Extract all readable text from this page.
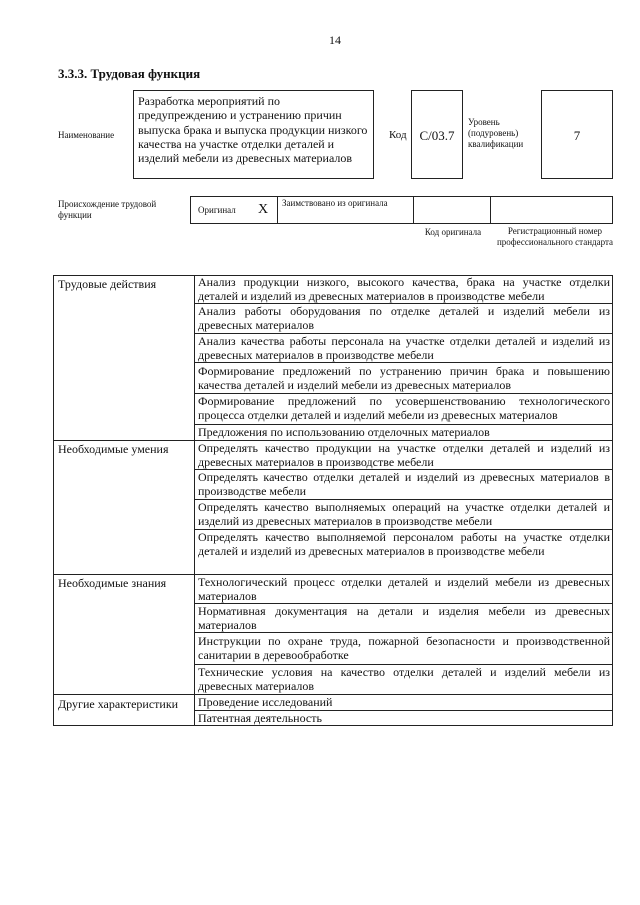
14
3.3.3. Трудовая функция
Наименование
Разработка мероприятий по предупреждению и устранению причин выпуска брака и выпуска продукции низкого качества на участке отделки деталей и изделий мебели из древесных материалов
Код C/03.7
Уровень (подуровень) квалификации
7
Происхождение трудовой функции	Оригинал X Заимствовано из оригинала
Код оригинала	Регистрационный номер профессионального стандарта
Трудовые действия
Необходимые умения
Необходимые знания
Другие характеристики
Анализ продукции низкого, высокого качества, брака на участке отделки деталей и изделий из древесных материалов в производстве мебели
Анализ работы оборудования по отделке деталей и изделий мебели из древесных материалов
Анализ качества работы персонала на участке отделки деталей и изделий из древесных материалов в производстве мебели
Формирование предложений по устранению причин брака и повышению качества деталей и изделий мебели из древесных материалов
Формирование предложений по усовершенствованию технологического процесса отделки деталей и изделий мебели из древесных материалов
Предложения по использованию отделочных материалов
Определять качество продукции на участке отделки деталей и изделий из древесных материалов в производстве мебели
Определять качество отделки деталей и изделий из древесных материалов в производстве мебели
Определять качество выполняемых операций на участке отделки деталей и изделий из древесных материалов в производстве мебели
Определять качество выполняемой персоналом работы на участке отделки деталей и изделий из древесных материалов в производстве мебели
Технологический процесс отделки деталей и изделий мебели из древесных материалов
Нормативная документация на детали и изделия мебели из древесных материалов
Инструкции по охране труда, пожарной безопасности и производственной санитарии в деревообработке
Технические условия на качество отделки деталей и изделий мебели из древесных материалов
Проведение исследований
Патентная деятельность
